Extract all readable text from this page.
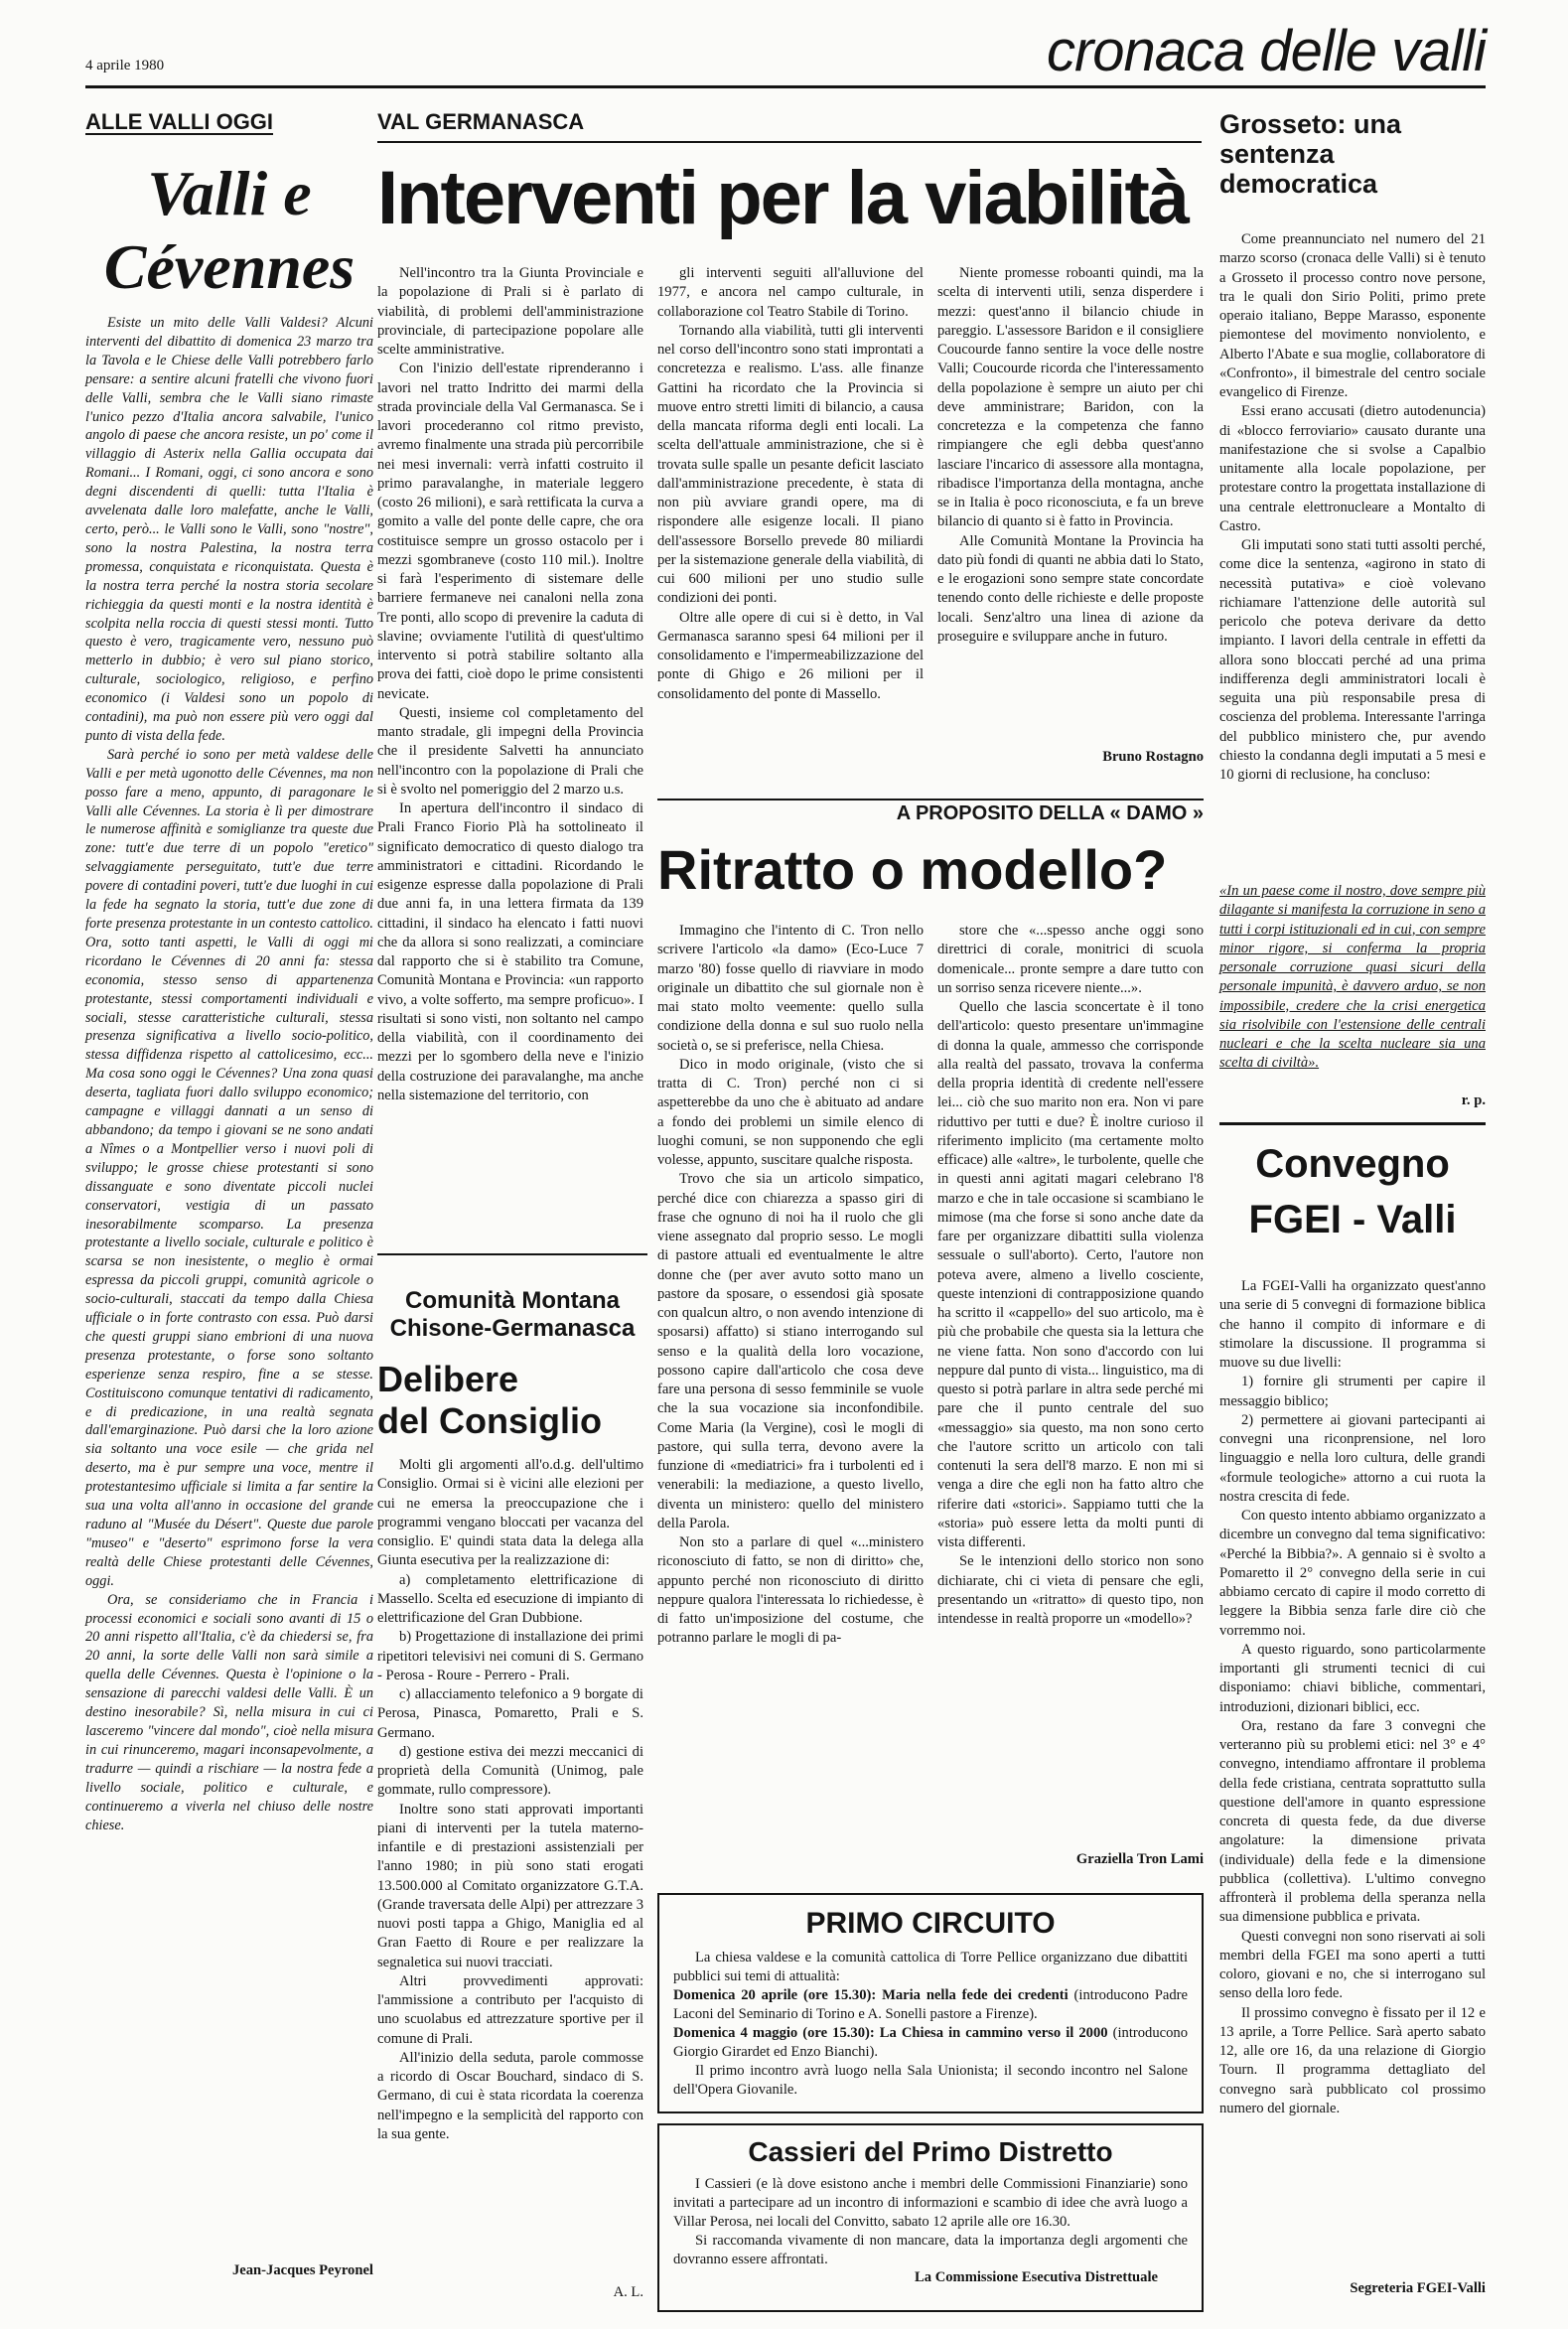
4 aprile 1980	cronaca delle valli
ALLE VALLI OGGI
Valli e
Cévennes

Esiste un mito delle Valli Valdesi? Alcuni interventi del dibattito di domenica 23 marzo tra la Tavola e le Chiese delle Valli potrebbero farlo pensare: a sentire alcuni fratelli che vivono fuori delle Valli, sembra che le Valli siano rimaste l'unico pezzo d'Italia ancora salvabile, l'unico angolo di paese che ancora resiste, un po' come il villaggio di Asterix nella Gallia occupata dai Romani... I Romani, oggi, ci sono ancora e sono degni discendenti di quelli: tutta l'Italia è avvelenata dalle loro malefatte, anche le Valli, certo, però... le Valli sono le Valli, sono "nostre", sono la nostra Palestina, la nostra terra promessa, conquistata e riconquistata. Questa è la nostra terra perché la nostra storia secolare richieggia da questi monti e la nostra identità è scolpita nella roccia di questi stessi monti. Tutto questo è vero, tragicamente vero, nessuno può metterlo in dubbio; è vero sul piano storico, culturale, sociologico, religioso, e perfino economico (i Valdesi sono un popolo di contadini), ma può non essere più vero oggi dal punto di vista della fede.

Sarà perché io sono per metà valdese delle Valli e per metà ugonotto delle Cévennes, ma non posso fare a meno, appunto, di paragonare le Valli alle Cévennes. La storia è lì per dimostrare le numerose affinità e somiglianze tra queste due zone: tutt'e due terre di un popolo "eretico" selvaggiamente perseguitato, tutt'e due terre povere di contadini poveri, tutt'e due luoghi in cui la fede ha segnato la storia, tutt'e due zone di forte presenza protestante in un contesto cattolico. Ora, sotto tanti aspetti, le Valli di oggi mi ricordano le Cévennes di 20 anni fa: stessa economia, stesso senso di appartenenza protestante, stessi comportamenti individuali e sociali, stesse caratteristiche culturali, stessa presenza significativa a livello socio-politico, stessa diffidenza rispetto al cattolicesimo, ecc... Ma cosa sono oggi le Cévennes? Una zona quasi deserta, tagliata fuori dallo sviluppo economico; campagne e villaggi dannati a un senso di abbandono; da tempo i giovani se ne sono andati a Nîmes o a Montpellier verso i nuovi poli di sviluppo; le grosse chiese protestanti si sono dissanguate e sono diventate piccoli nuclei conservatori, vestigia di un passato inesorabilmente scomparso. La presenza protestante a livello sociale, culturale e politico è scarsa se non inesistente, o meglio è ormai espressa da piccoli gruppi, comunità agricole o socio-culturali, staccati da tempo dalla Chiesa ufficiale o in forte contrasto con essa. Può darsi che questi gruppi siano embrioni di una nuova presenza protestante, o forse sono soltanto esperienze senza respiro, fine a se stesse. Costituiscono comunque tentativi di radicamento, e di predicazione, in una realtà segnata dall'emarginazione. Può darsi che la loro azione sia soltanto una voce esile — che grida nel deserto, ma è pur sempre una voce, mentre il protestantesimo ufficiale si limita a far sentire la sua una volta all'anno in occasione del grande raduno al "Musée du Désert". Queste due parole "museo" e "deserto" esprimono forse la vera realtà delle Chiese protestanti delle Cévennes, oggi.

Ora, se consideriamo che in Francia i processi economici e sociali sono avanti di 15 o 20 anni rispetto all'Italia, c'è da chiedersi se, fra 20 anni, la sorte delle Valli non sarà simile a quella delle Cévennes. Questa è l'opinione o la sensazione di parecchi valdesi delle Valli. È un destino inesorabile? Sì, nella misura in cui ci lasceremo "vincere dal mondo", cioè nella misura in cui rinunceremo, magari inconsapevolmente, a tradurre — quindi a rischiare — la nostra fede a livello sociale, politico e culturale, e continueremo a viverla nel chiuso delle nostre chiese.

Jean-Jacques Peyronel
VAL GERMANASCA
Interventi per la viabilità

Nell'incontro tra la Giunta Provinciale e la popolazione di Prali si è parlato di viabilità, di problemi dell'amministrazione provinciale, di partecipazione popolare alle scelte amministrative.

Con l'inizio dell'estate riprenderanno i lavori nel tratto Indritto dei marmi della strada provinciale della Val Germanasca. Se i lavori procederanno col ritmo previsto, avremo finalmente una strada più percorribile nei mesi invernali: verrà infatti costruito il primo paravalanghe, in materiale leggero (costo 26 milioni), e sarà rettificata la curva a gomito a valle del ponte delle capre, che ora costituisce sempre un grosso ostacolo per i mezzi sgombraneve (costo 110 mil.). Inoltre si farà l'esperimento di sistemare delle barriere fermaneve nei canaloni nella zona Tre ponti, allo scopo di prevenire la caduta di slavine; ovviamente l'utilità di quest'ultimo intervento si potrà stabilire soltanto alla prova dei fatti, cioè dopo le prime consistenti nevicate.

Questi, insieme col completamento del manto stradale, gli impegni della Provincia che il presidente Salvetti ha annunciato nell'incontro con la popolazione di Prali che si è svolto nel pomeriggio del 2 marzo u.s.

In apertura dell'incontro il sindaco di Prali Franco Fiorio Plà ha sottolineato il significato democratico di questo dialogo tra amministratori e cittadini. Ricordando le esigenze espresse dalla popolazione di Prali due anni fa, in una lettera firmata da 139 cittadini, il sindaco ha elencato i fatti nuovi che da allora si sono realizzati, a cominciare dal rapporto che si è stabilito tra Comune, Comunità Montana e Provincia: «un rapporto vivo, a volte sofferto, ma sempre proficuo». I risultati si sono visti, non soltanto nel campo della viabilità, con il coordinamento dei mezzi per lo sgombero della neve e l'inizio della costruzione dei paravalanghe, ma anche nella sistemazione del territorio, con

gli interventi seguiti all'alluvione del 1977, e ancora nel campo culturale, in collaborazione col Teatro Stabile di Torino.

Tornando alla viabilità, tutti gli interventi nel corso dell'incontro sono stati improntati a concretezza e realismo. L'ass. alle finanze Gattini ha ricordato che la Provincia si muove entro stretti limiti di bilancio, a causa della mancata riforma degli enti locali. La scelta dell'attuale amministrazione, che si è trovata sulle spalle un pesante deficit lasciato dall'amministrazione precedente, è stata di non più avviare grandi opere, ma di rispondere alle esigenze locali. Il piano dell'assessore Borsello prevede 80 miliardi per la sistemazione generale della viabilità, di cui 600 milioni per uno studio sulle condizioni dei ponti.

Oltre alle opere di cui si è detto, in Val Germanasca saranno spesi 64 milioni per il consolidamento e l'impermeabilizzazione del ponte di Ghigo e 26 milioni per il consolidamento del ponte di Massello.

Niente promesse roboanti quindi, ma la scelta di interventi utili, senza disperdere i mezzi: quest'anno il bilancio chiude in pareggio. L'assessore Baridon e il consigliere Coucourde fanno sentire la voce delle nostre Valli; Coucourde ricorda che l'interessamento della popolazione è sempre un aiuto per chi deve amministrare; Baridon, con la concretezza e la competenza che fanno rimpiangere che egli debba quest'anno lasciare l'incarico di assessore alla montagna, ribadisce l'importanza della montagna, anche se in Italia è poco riconosciuta, e fa un breve bilancio di quanto si è fatto in Provincia.

Alle Comunità Montane la Provincia ha dato più fondi di quanti ne abbia dati lo Stato, e le erogazioni sono sempre state concordate tenendo conto delle richieste e delle proposte locali. Senz'altro una linea di azione da proseguire e sviluppare anche in futuro.

Bruno Rostagno
Comunità Montana
Chisone-Germanasca
Delibere
del Consiglio

Molti gli argomenti all'o.d.g. dell'ultimo Consiglio. Ormai si è vicini alle elezioni per cui ne emersa la preoccupazione che i programmi vengano bloccati per vacanza del consiglio. E' quindi stata data la delega alla Giunta esecutiva per la realizzazione di:

a) completamento elettrificazione di Massello. Scelta ed esecuzione di impianto di elettrificazione del Gran Dubbione.

b) Progettazione di installazione dei primi ripetitori televisivi nei comuni di S. Germano - Perosa - Roure - Perrero - Prali.

c) allacciamento telefonico a 9 borgate di Perosa, Pinasca, Pomaretto, Prali e S. Germano.

d) gestione estiva dei mezzi meccanici di proprietà della Comunità (Unimog, pale gommate, rullo compressore).

Inoltre sono stati approvati importanti piani di interventi per la tutela materno-infantile e di prestazioni assistenziali per l'anno 1980; in più sono stati erogati 13.500.000 al Comitato organizzatore G.T.A. (Grande traversata delle Alpi) per attrezzare 3 nuovi posti tappa a Ghigo, Maniglia ed al Gran Faetto di Roure e per realizzare la segnaletica sui nuovi tracciati.

Altri provvedimenti approvati: l'ammissione a contributo per l'acquisto di uno scuolabus ed attrezzature sportive per il comune di Prali.

All'inizio della seduta, parole commosse a ricordo di Oscar Bouchard, sindaco di S. Germano, di cui è stata ricordata la coerenza nell'impegno e la semplicità del rapporto con la sua gente.

A. L.
A PROPOSITO DELLA « DAMO »
Ritratto o modello?

Immagino che l'intento di C. Tron nello scrivere l'articolo «la damo» (Eco-Luce 7 marzo '80) fosse quello di riavviare in modo originale un dibattito che sul giornale non è mai stato molto veemente: quello sulla condizione della donna e sul suo ruolo nella società o, se si preferisce, nella Chiesa.

Dico in modo originale, (visto che si tratta di C. Tron) perché non ci si aspetterebbe da uno che è abituato ad andare a fondo dei problemi un simile elenco di luoghi comuni, se non supponendo che egli volesse, appunto, suscitare qualche risposta.

Trovo che sia un articolo simpatico, perché dice con chiarezza a spasso giri di frase che ognuno di noi ha il ruolo che gli viene assegnato dal proprio sesso. Le mogli di pastore attuali ed eventualmente le altre donne che (per aver avuto sotto mano un pastore da sposare, o essendosi già sposate con qualcun altro, o non avendo intenzione di sposarsi) affatto) si stiano interrogando sul senso e la qualità della loro vocazione, possono capire dall'articolo che cosa deve fare una persona di sesso femminile se vuole che la sua vocazione sia inconfondibile. Come Maria (la Vergine), così le mogli di pastore, qui sulla terra, devono avere la funzione di «mediatrici» fra i turbolenti ed i venerabili: la mediazione, a questo livello, diventa un ministero: quello del ministero della Parola.

Non sto a parlare di quel «...ministero riconosciuto di fatto, se non di diritto» che, appunto perché non riconosciuto di diritto neppure qualora l'interessata lo richiedesse, è di fatto un'imposizione del costume, che potranno parlare le mogli di pa-

store che «...spesso anche oggi sono direttrici di corale, monitrici di scuola domenicale... pronte sempre a dare tutto con un sorriso senza ricevere niente...».

Quello che lascia sconcertate è il tono dell'articolo: questo presentare un'immagine di donna la quale, ammesso che corrisponde alla realtà del passato, trovava la conferma della propria identità di credente nell'essere lei... ciò che suo marito non era. Non vi pare riduttivo per tutti e due? È inoltre curioso il riferimento implicito (ma certamente molto efficace) alle «altre», le turbolente, quelle che in questi anni agitati magari celebrano l'8 marzo e che in tale occasione si scambiano le mimose (ma che forse si sono anche date da fare per organizzare dibattiti sulla violenza sessuale o sull'aborto). Certo, l'autore non poteva avere, almeno a livello cosciente, queste intenzioni di contrapposizione quando ha scritto il «cappello» del suo articolo, ma è più che probabile che questa sia la lettura che ne viene fatta. Non sono d'accordo con lui neppure dal punto di vista... linguistico, ma di questo si potrà parlare in altra sede perché mi pare che il punto centrale del suo «messaggio» sia questo, ma non sono certo che l'autore scritto un articolo con tali contenuti la sera dell'8 marzo. E non mi si venga a dire che egli non ha fatto altro che riferire dati «storici». Sappiamo tutti che la «storia» può essere letta da molti punti di vista differenti.

Se le intenzioni dello storico non sono dichiarate, chi ci vieta di pensare che egli, presentando un «ritratto» di questo tipo, non intendesse in realtà proporre un «modello»?

Graziella Tron Lami
PRIMO CIRCUITO

La chiesa valdese e la comunità cattolica di Torre Pellice organizzano due dibattiti pubblici sui temi di attualità:

Domenica 20 aprile (ore 15.30): Maria nella fede dei credenti (introducono Padre Laconi del Seminario di Torino e A. Sonelli pastore a Firenze).
Domenica 4 maggio (ore 15.30): La Chiesa in cammino verso il 2000 (introducono Giorgio Girardet ed Enzo Bianchi).

Il primo incontro avrà luogo nella Sala Unionista; il secondo incontro nel Salone dell'Opera Giovanile.

Cassieri del Primo Distretto

I Cassieri (e là dove esistono anche i membri delle Commissioni Finanziarie) sono invitati a partecipare ad un incontro di informazioni e scambio di idee che avrà luogo a Villar Perosa, nei locali del Convitto, sabato 12 aprile alle ore 16.30.

Si raccomanda vivamente di non mancare, data la importanza degli argomenti che dovranno essere affrontati.

La Commissione Esecutiva Distrettuale
Grosseto: una
sentenza
democratica

Come preannunciato nel numero del 21 marzo scorso (cronaca delle Valli) si è tenuto a Grosseto il processo contro nove persone, tra le quali don Sirio Politi, primo prete operaio italiano, Beppe Marasso, esponente piemontese del movimento nonviolento, e Alberto l'Abate e sua moglie, collaboratore di «Confronto», il bimestrale del centro sociale evangelico di Firenze.

Essi erano accusati (dietro autodenuncia) di «blocco ferroviario» causato durante una manifestazione che si svolse a Capalbio unitamente alla locale popolazione, per protestare contro la progettata installazione di una centrale elettronucleare a Montalto di Castro.

Gli imputati sono stati tutti assolti perché, come dice la sentenza, «agirono in stato di necessità putativa» e cioè volevano richiamare l'attenzione delle autorità sul pericolo che poteva derivare da detto impianto. I lavori della centrale in effetti da allora sono bloccati perché ad una prima indifferenza degli amministratori locali è seguita una più responsabile presa di coscienza del problema. Interessante l'arringa del pubblico ministero che, pur avendo chiesto la condanna degli imputati a 5 mesi e 10 giorni di reclusione, ha concluso:

«In un paese come il nostro, dove sempre più dilagante si manifesta la corruzione in seno a tutti i corpi istituzionali ed in cui, con sempre minor rigore, si conferma la propria personale corruzione quasi sicuri della personale impunità, è davvero arduo, se non impossibile, credere che la crisi energetica sia risolvibile con l'estensione delle centrali nucleari e che la scelta nucleare sia una scelta di civiltà».
r. p.
Convegno
FGEI - Valli

La FGEI-Valli ha organizzato quest'anno una serie di 5 convegni di formazione biblica che hanno il compito di informare e di stimolare la discussione. Il programma si muove su due livelli:

1) fornire gli strumenti per capire il messaggio biblico;

2) permettere ai giovani partecipanti ai convegni una riconprensione, nel loro linguaggio e nella loro cultura, delle grandi «formule teologiche» attorno a cui ruota la nostra crescita di fede.

Con questo intento abbiamo organizzato a dicembre un convegno dal tema significativo: «Perché la Bibbia?». A gennaio si è svolto a Pomaretto il 2° convegno della serie in cui abbiamo cercato di capire il modo corretto di leggere la Bibbia senza farle dire ciò che vorremmo noi.

A questo riguardo, sono particolarmente importanti gli strumenti tecnici di cui disponiamo: chiavi bibliche, commentari, introduzioni, dizionari biblici, ecc.

Ora, restano da fare 3 convegni che verteranno più su problemi etici: nel 3° e 4° convegno, intendiamo affrontare il problema della fede cristiana, centrata soprattutto sulla questione dell'amore in quanto espressione concreta di questa fede, da due diverse angolature: la dimensione privata (individuale) della fede e la dimensione pubblica (collettiva). L'ultimo convegno affronterà il problema della speranza nella sua dimensione pubblica e privata.

Questi convegni non sono riservati ai soli membri della FGEI ma sono aperti a tutti coloro, giovani e no, che si interrogano sul senso della loro fede.

Il prossimo convegno è fissato per il 12 e 13 aprile, a Torre Pellice. Sarà aperto sabato 12, alle ore 16, da una relazione di Giorgio Tourn. Il programma dettagliato del convegno sarà pubblicato col prossimo numero del giornale.

Segreteria FGEI-Valli
